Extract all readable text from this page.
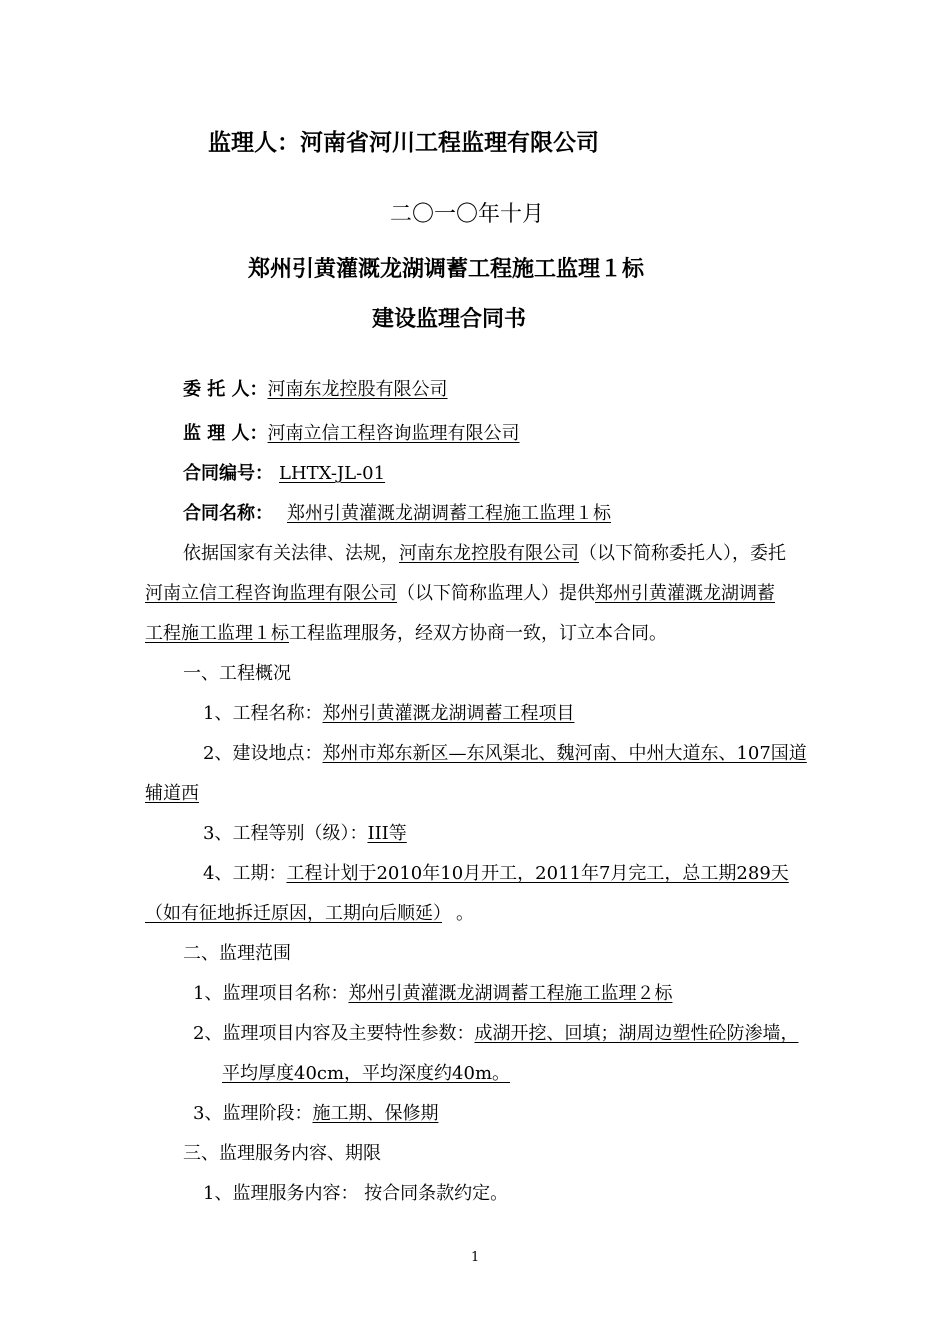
监理人：河南省河川工程监理有限公司
二〇一〇年十月
郑州引黄灌溉龙湖调蓄工程施工监理１标
建设监理合同书
委 托 人：河南东龙控股有限公司
监 理 人：河南立信工程咨询监理有限公司
合同编号： LHTX-JL-01
合同名称： 郑州引黄灌溉龙湖调蓄工程施工监理１标
依据国家有关法律、法规，河南东龙控股有限公司（以下简称委托人），委托
河南立信工程咨询监理有限公司（以下简称监理人）提供郑州引黄灌溉龙湖调蓄
工程施工监理１标工程监理服务，经双方协商一致，订立本合同。
一、工程概况
1、工程名称：郑州引黄灌溉龙湖调蓄工程项目
2、建设地点：郑州市郑东新区—东风渠北、魏河南、中州大道东、107国道
辅道西
3、工程等别（级）：III等
4、工期：工程计划于2010年10月开工，2011年7月完工，总工期289天
（如有征地拆迁原因，工期向后顺延） 。
二、监理范围
1、监理项目名称：郑州引黄灌溉龙湖调蓄工程施工监理２标
2、监理项目内容及主要特性参数：成湖开挖、回填；湖周边塑性砼防渗墙，
平均厚度40cm，平均深度约40m。
3、监理阶段：施工期、保修期
三、监理服务内容、期限
1、监理服务内容： 按合同条款约定。
1
